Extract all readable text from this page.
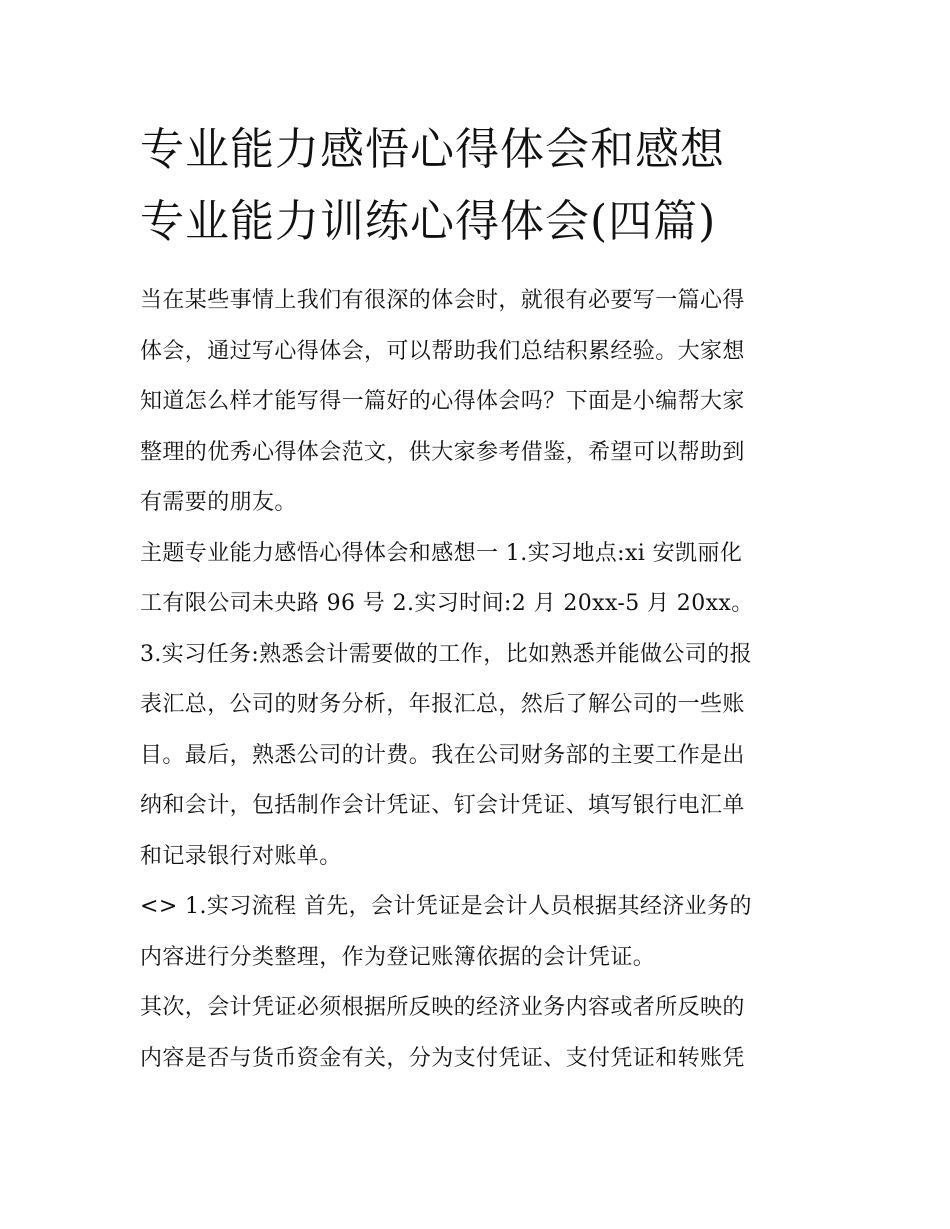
专业能力感悟心得体会和感想
专业能力训练心得体会(四篇)

当在某些事情上我们有很深的体会时，就很有必要写一篇心得
体会，通过写心得体会，可以帮助我们总结积累经验。大家想
知道怎么样才能写得一篇好的心得体会吗？下面是小编帮大家
整理的优秀心得体会范文，供大家参考借鉴，希望可以帮助到
有需要的朋友。

主题专业能力感悟心得体会和感想一 1.实习地点:xi 安凯丽化
工有限公司未央路 96 号 2.实习时间:2 月 20xx-5 月 20xx。

3.实习任务:熟悉会计需要做的工作，比如熟悉并能做公司的报
表汇总，公司的财务分析，年报汇总，然后了解公司的一些账
目。最后，熟悉公司的计费。我在公司财务部的主要工作是出
纳和会计，包括制作会计凭证、钉会计凭证、填写银行电汇单
和记录银行对账单。

<> 1.实习流程 首先，会计凭证是会计人员根据其经济业务的
内容进行分类整理，作为登记账簿依据的会计凭证。

其次，会计凭证必须根据所反映的经济业务内容或者所反映的
内容是否与货币资金有关，分为支付凭证、支付凭证和转账凭
